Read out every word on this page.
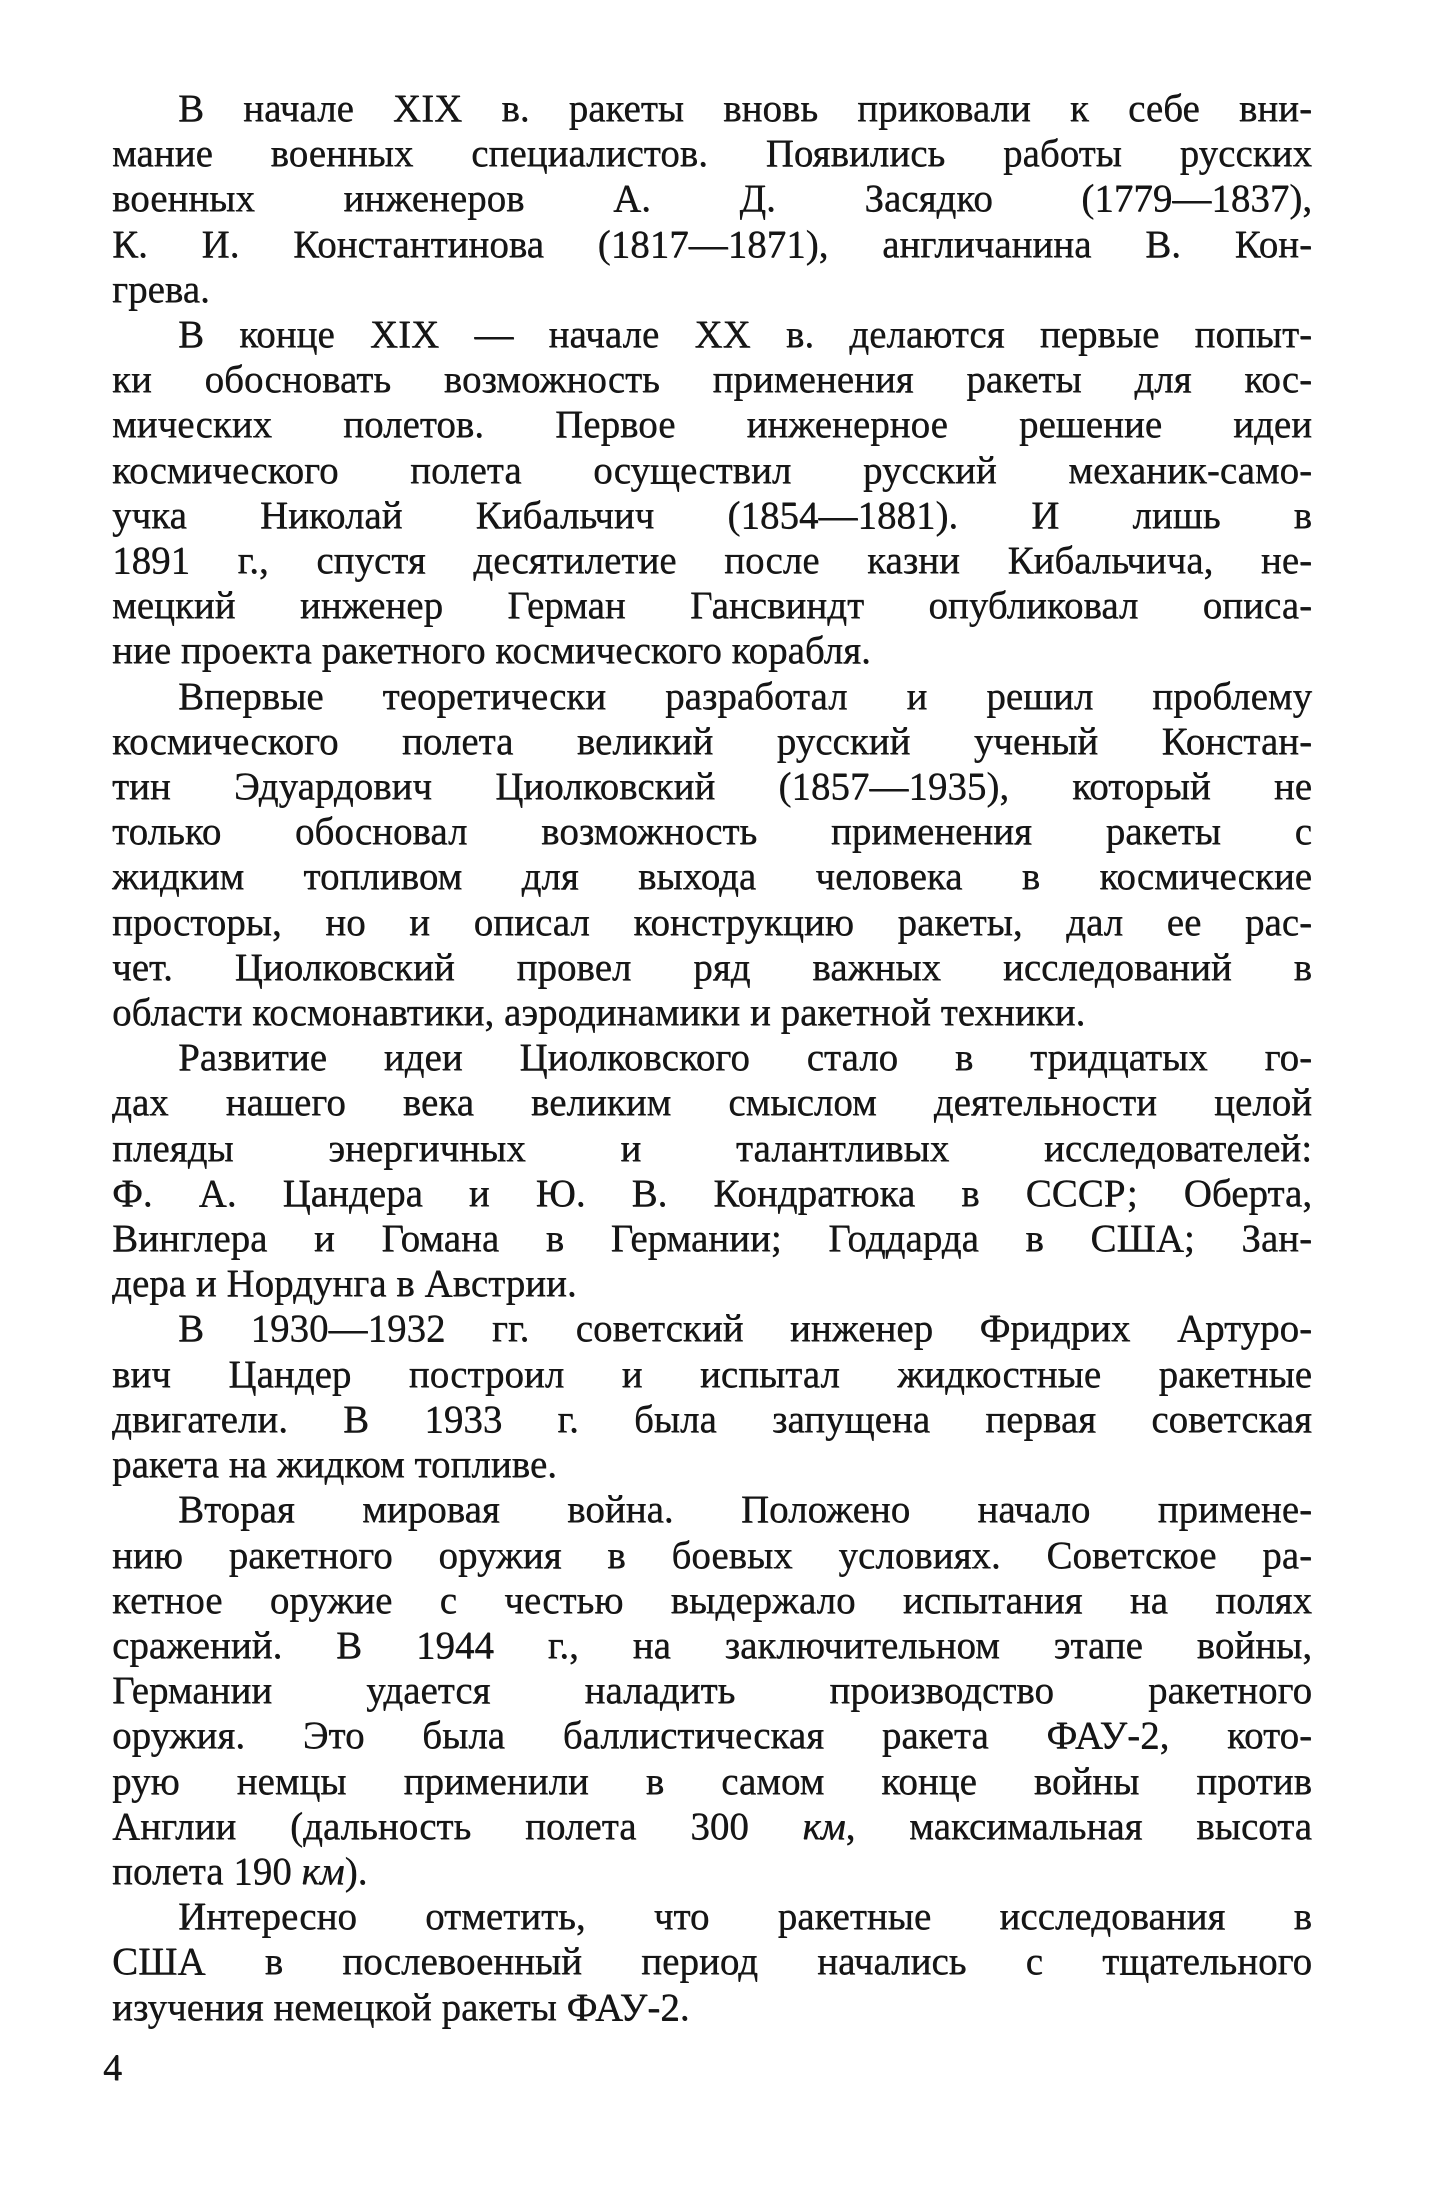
В начале XIX в. ракеты вновь приковали к себе вни-
мание военных специалистов. Появились работы русских
военных инженеров А. Д. Засядко (1779—1837),
К. И. Константинова (1817—1871), англичанина В. Кон-
грева.
В конце XIX — начале XX в. делаются первые попыт-
ки обосновать возможность применения ракеты для кос-
мических полетов. Первое инженерное решение идеи
космического полета осуществил русский механик-само-
учка Николай Кибальчич (1854—1881). И лишь в
1891 г., спустя десятилетие после казни Кибальчича, не-
мецкий инженер Герман Гансвиндт опубликовал описа-
ние проекта ракетного космического корабля.
Впервые теоретически разработал и решил проблему
космического полета великий русский ученый Констан-
тин Эдуардович Циолковский (1857—1935), который не
только обосновал возможность применения ракеты с
жидким топливом для выхода человека в космические
просторы, но и описал конструкцию ракеты, дал ее рас-
чет. Циолковский провел ряд важных исследований в
области космонавтики, аэродинамики и ракетной техники.
Развитие идеи Циолковского стало в тридцатых го-
дах нашего века великим смыслом деятельности целой
плеяды энергичных и талантливых исследователей:
Ф. А. Цандера и Ю. В. Кондратюка в СССР; Оберта,
Винглера и Гомана в Германии; Годдарда в США; Зан-
дера и Нордунга в Австрии.
В 1930—1932 гг. советский инженер Фридрих Артуро-
вич Цандер построил и испытал жидкостные ракетные
двигатели. В 1933 г. была запущена первая советская
ракета на жидком топливе.
Вторая мировая война. Положено начало примене-
нию ракетного оружия в боевых условиях. Советское ра-
кетное оружие с честью выдержало испытания на полях
сражений. В 1944 г., на заключительном этапе войны,
Германии удается наладить производство ракетного
оружия. Это была баллистическая ракета ФАУ-2, кото-
рую немцы применили в самом конце войны против
Англии (дальность полета 300 км, максимальная высота
полета 190 км).
Интересно отметить, что ракетные исследования в
США в послевоенный период начались с тщательного
изучения немецкой ракеты ФАУ-2.
4
